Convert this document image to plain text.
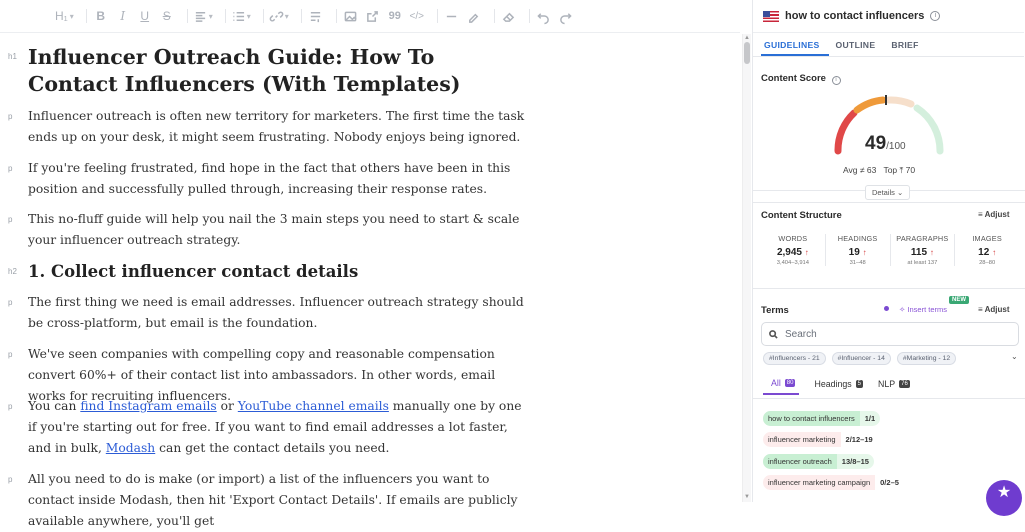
H₁ ▾	B	I	U	S	▾	▾	▾	99 </>
h1 Influencer Outreach Guide: How To Contact Influencers (With Templates)
p Influencer outreach is often new territory for marketers. The first time the task ends up on your desk, it might seem frustrating. Nobody enjoys being ignored.
p If you're feeling frustrated, find hope in the fact that others have been in this position and successfully pulled through, increasing their response rates.
p This no-fluff guide will help you nail the 3 main steps you need to start & scale your influencer outreach strategy.
h2 1. Collect influencer contact details
p The first thing we need is email addresses. Influencer outreach strategy should be cross-platform, but email is the foundation.
p We've seen companies with compelling copy and reasonable compensation convert 60%+ of their contact list into ambassadors. In other words, email works for recruiting influencers.
p You can find Instagram emails or YouTube channel emails manually one by one if you're starting out for free. If you want to find email addresses a lot faster, and in bulk, Modash can get the contact details you need.
p All you need to do is make (or import) a list of the influencers you want to contact inside Modash, then hit 'Export Contact Details'. If emails are publicly available anywhere, you'll get
▲
▼
how to contact influencers	i
GUIDELINES	OUTLINE	BRIEF
Content Score i
49/100
Avg ≠ 63 Top ⤒ 70
Details ⌄
Content Structure	≡ Adjust
WORDS
2,945 ↑
3,404–3,914
HEADINGS
19 ↑
31–48
PARAGRAPHS
115 ↑
at least 137
IMAGES
12 ↑
28–80
Terms
NEW
✧ Insert terms	≡ Adjust
Search
#Influencers - 21	#Influencer - 14	#Marketing - 12	⌄
All	80 Headings	5 NLP	76
how to contact influencers	1/1
influencer marketing	2/12–19
influencer outreach	13/8–15
influencer marketing campaign	0/2–5
★
